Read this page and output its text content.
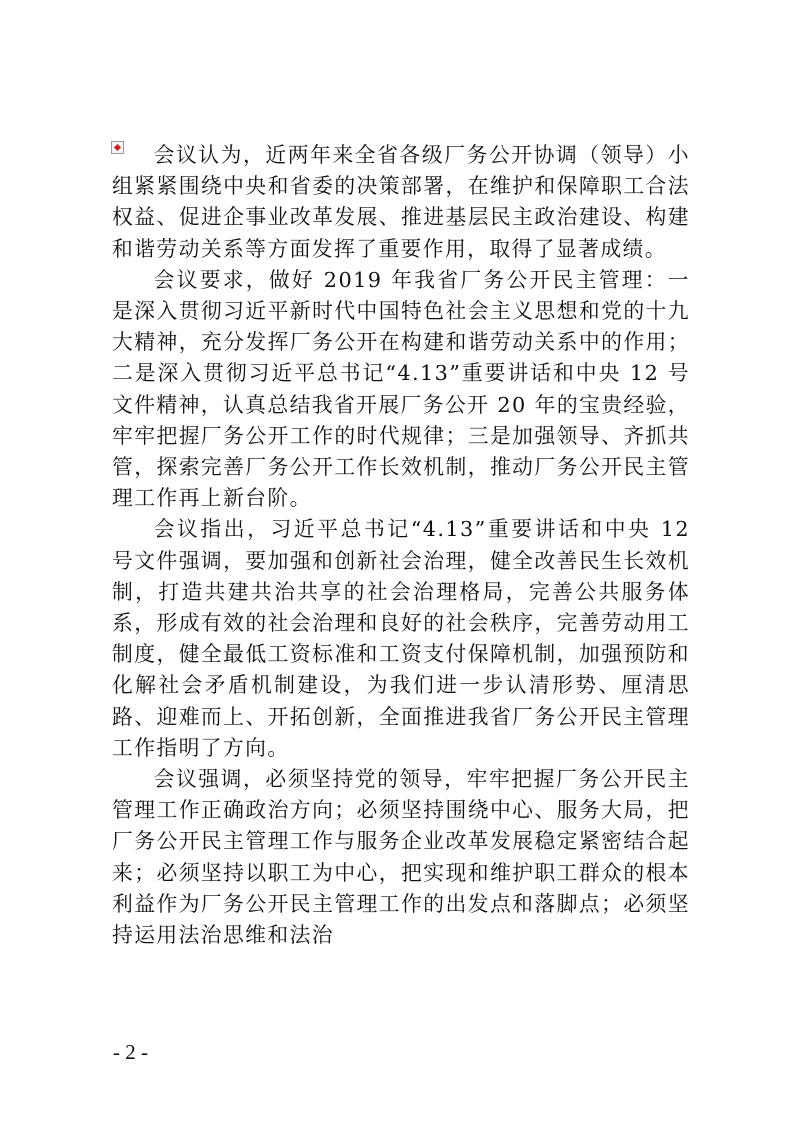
会议认为，近两年来全省各级厂务公开协调（领导）小组紧紧围绕中央和省委的决策部署，在维护和保障职工合法权益、促进企事业改革发展、推进基层民主政治建设、构建和谐劳动关系等方面发挥了重要作用，取得了显著成绩。

会议要求，做好 2019 年我省厂务公开民主管理：一是深入贯彻习近平新时代中国特色社会主义思想和党的十九大精神，充分发挥厂务公开在构建和谐劳动关系中的作用；二是深入贯彻习近平总书记“4.13”重要讲话和中央 12 号文件精神，认真总结我省开展厂务公开 20 年的宝贵经验，牢牢把握厂务公开工作的时代规律；三是加强领导、齐抓共管，探索完善厂务公开工作长效机制，推动厂务公开民主管理工作再上新台阶。

会议指出，习近平总书记“4.13”重要讲话和中央 12 号文件强调，要加强和创新社会治理，健全改善民生长效机制，打造共建共治共享的社会治理格局，完善公共服务体系，形成有效的社会治理和良好的社会秩序，完善劳动用工制度，健全最低工资标准和工资支付保障机制，加强预防和化解社会矛盾机制建设，为我们进一步认清形势、厘清思路、迎难而上、开拓创新，全面推进我省厂务公开民主管理工作指明了方向。

会议强调，必须坚持党的领导，牢牢把握厂务公开民主管理工作正确政治方向；必须坚持围绕中心、服务大局，把厂务公开民主管理工作与服务企业改革发展稳定紧密结合起来；必须坚持以职工为中心，把实现和维护职工群众的根本利益作为厂务公开民主管理工作的出发点和落脚点；必须坚持运用法治思维和法治

- 2 -
